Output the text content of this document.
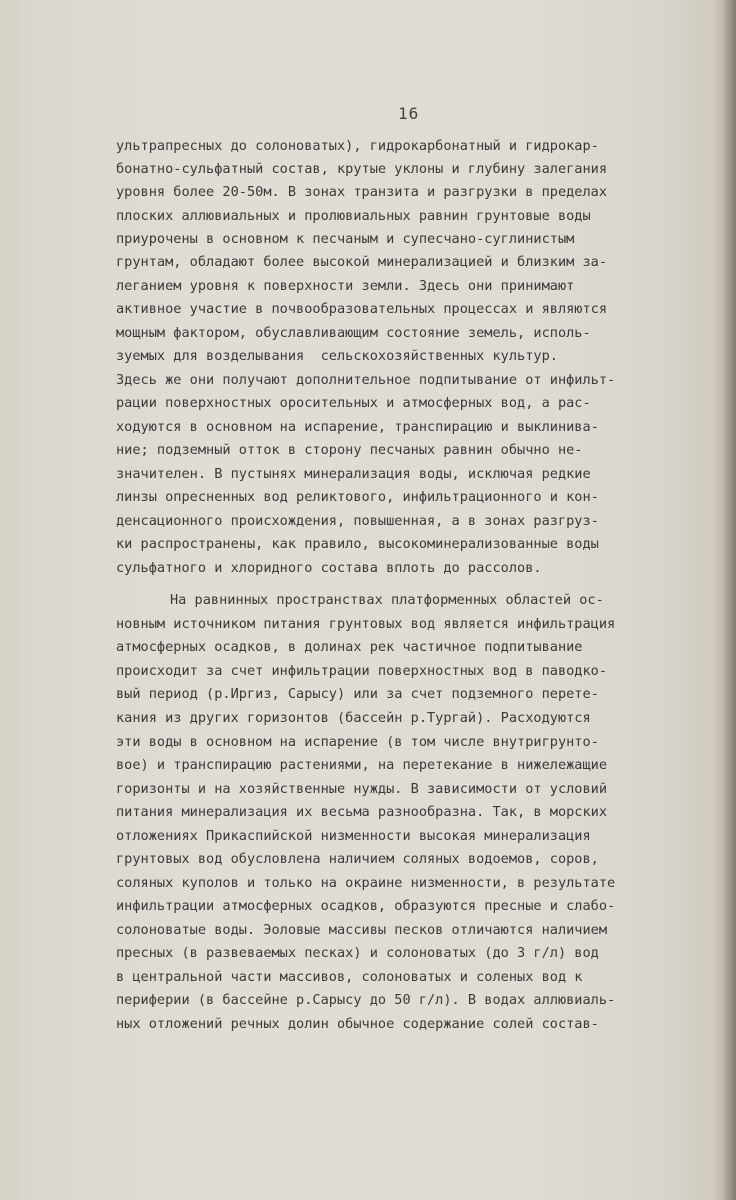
16
ультрапресных до солоноватых), гидрокарбонатный и гидрокар-
бонатно-сульфатный состав, крутые уклоны и глубину залегания
уровня более 20-50м. В зонах транзита и разгрузки в пределах
плоских аллювиальных и пролювиальных равнин грунтовые воды
приурочены в основном к песчаным и супесчано-суглинистым
грунтам, обладают более высокой минерализацией и близким за-
леганием уровня к поверхности земли. Здесь они принимают
активное участие в почвообразовательных процессах и являются
мощным фактором, обуславливающим состояние земель, исполь-
зуемых для возделывания  сельскохозяйственных культур.
Здесь же они получают дополнительное подпитывание от инфильт-
рации поверхностных оросительных и атмосферных вод, а рас-
ходуются в основном на испарение, транспирацию и выклинива-
ние; подземный отток в сторону песчаных равнин обычно не-
значителен. В пустынях минерализация воды, исключая редкие
линзы опресненных вод реликтового, инфильтрационного и кон-
денсационного происхождения, повышенная, а в зонах разгруз-
ки распространены, как правило, высокоминерализованные воды
сульфатного и хлоридного состава вплоть до рассолов.
На равнинных пространствах платформенных областей ос-
новным источником питания грунтовых вод является инфильтрация
атмосферных осадков, в долинах рек частичное подпитывание
происходит за счет инфильтрации поверхностных вод в паводко-
вый период (р.Иргиз, Сарысу) или за счет подземного перете-
кания из других горизонтов (бассейн р.Тургай). Расходуются
эти воды в основном на испарение (в том числе внутригрунто-
вое) и транспирацию растениями, на перетекание в нижележащие
горизонты и на хозяйственные нужды. В зависимости от условий
питания минерализация их весьма разнообразна. Так, в морских
отложениях Прикаспийской низменности высокая минерализация
грунтовых вод обусловлена наличием соляных водоемов, соров,
соляных куполов и только на окраине низменности, в результате
инфильтрации атмосферных осадков, образуются пресные и слабо-
солоноватые воды. Эоловые массивы песков отличаются наличием
пресных (в развеваемых песках) и солоноватых (до 3 г/л) вод
в центральной части массивов, солоноватых и соленых вод к
периферии (в бассейне р.Сарысу до 50 г/л). В водах аллювиаль-
ных отложений речных долин обычное содержание солей состав-
